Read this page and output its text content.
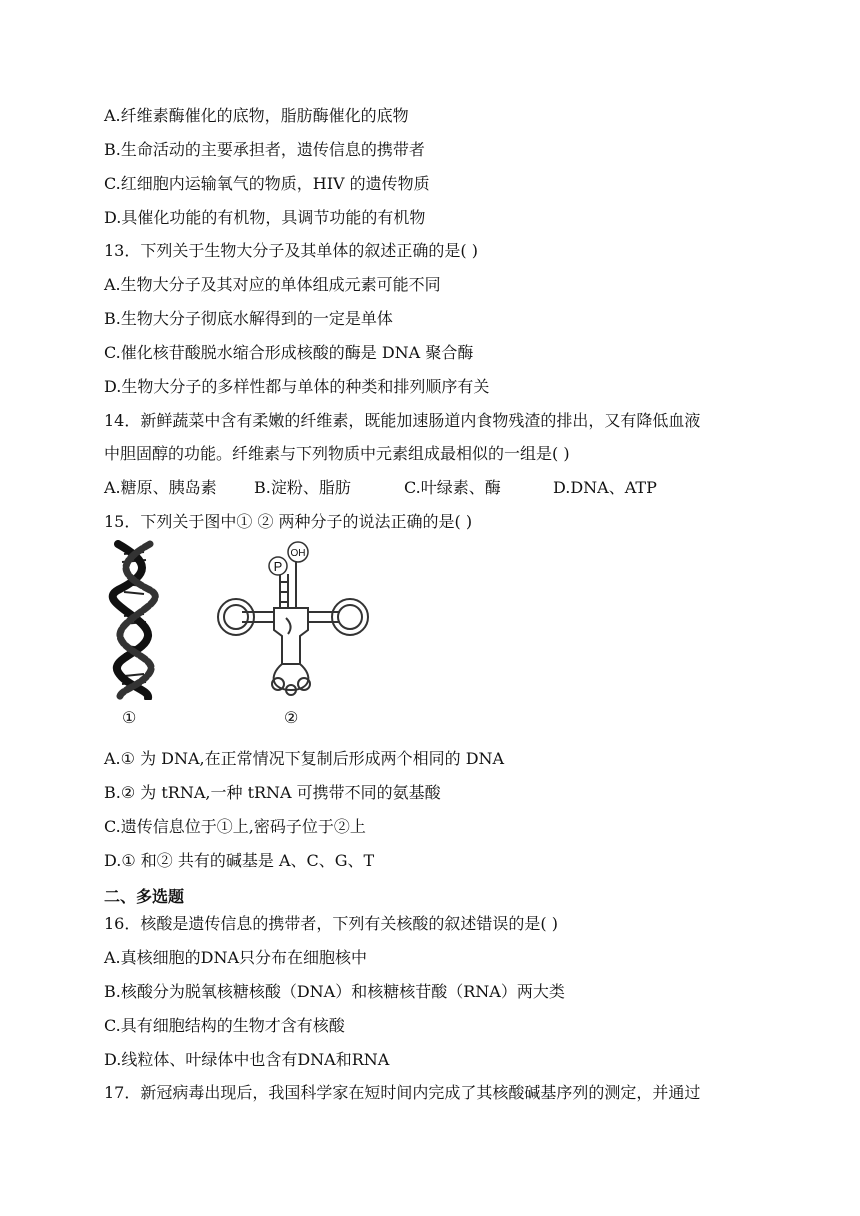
A.纤维素酶催化的底物，脂肪酶催化的底物
B.生命活动的主要承担者，遗传信息的携带者
C.红细胞内运输氧气的物质，HIV 的遗传物质
D.具催化功能的有机物，具调节功能的有机物
13．下列关于生物大分子及其单体的叙述正确的是( )
A.生物大分子及其对应的单体组成元素可能不同
B.生物大分子彻底水解得到的一定是单体
C.催化核苷酸脱水缩合形成核酸的酶是 DNA 聚合酶
D.生物大分子的多样性都与单体的种类和排列顺序有关
14．新鲜蔬菜中含有柔嫩的纤维素，既能加速肠道内食物残渣的排出，又有降低血液
中胆固醇的功能。纤维素与下列物质中元素组成最相似的一组是( )
A.糖原、胰岛素 B.淀粉、脂肪	C.叶绿素、酶	D.DNA、ATP
15．下列关于图中① ② 两种分子的说法正确的是( )
①
P
OH
②
A.① 为 DNA,在正常情况下复制后形成两个相同的 DNA
B.② 为 tRNA,一种 tRNA 可携带不同的氨基酸
C.遗传信息位于①上,密码子位于②上
D.① 和② 共有的碱基是 A、C、G、T
二、多选题
16．核酸是遗传信息的携带者，下列有关核酸的叙述错误的是( )
A.真核细胞的DNA只分布在细胞核中
B.核酸分为脱氧核糖核酸（DNA）和核糖核苷酸（RNA）两大类
C.具有细胞结构的生物才含有核酸
D.线粒体、叶绿体中也含有DNA和RNA
17．新冠病毒出现后，我国科学家在短时间内完成了其核酸碱基序列的测定，并通过
